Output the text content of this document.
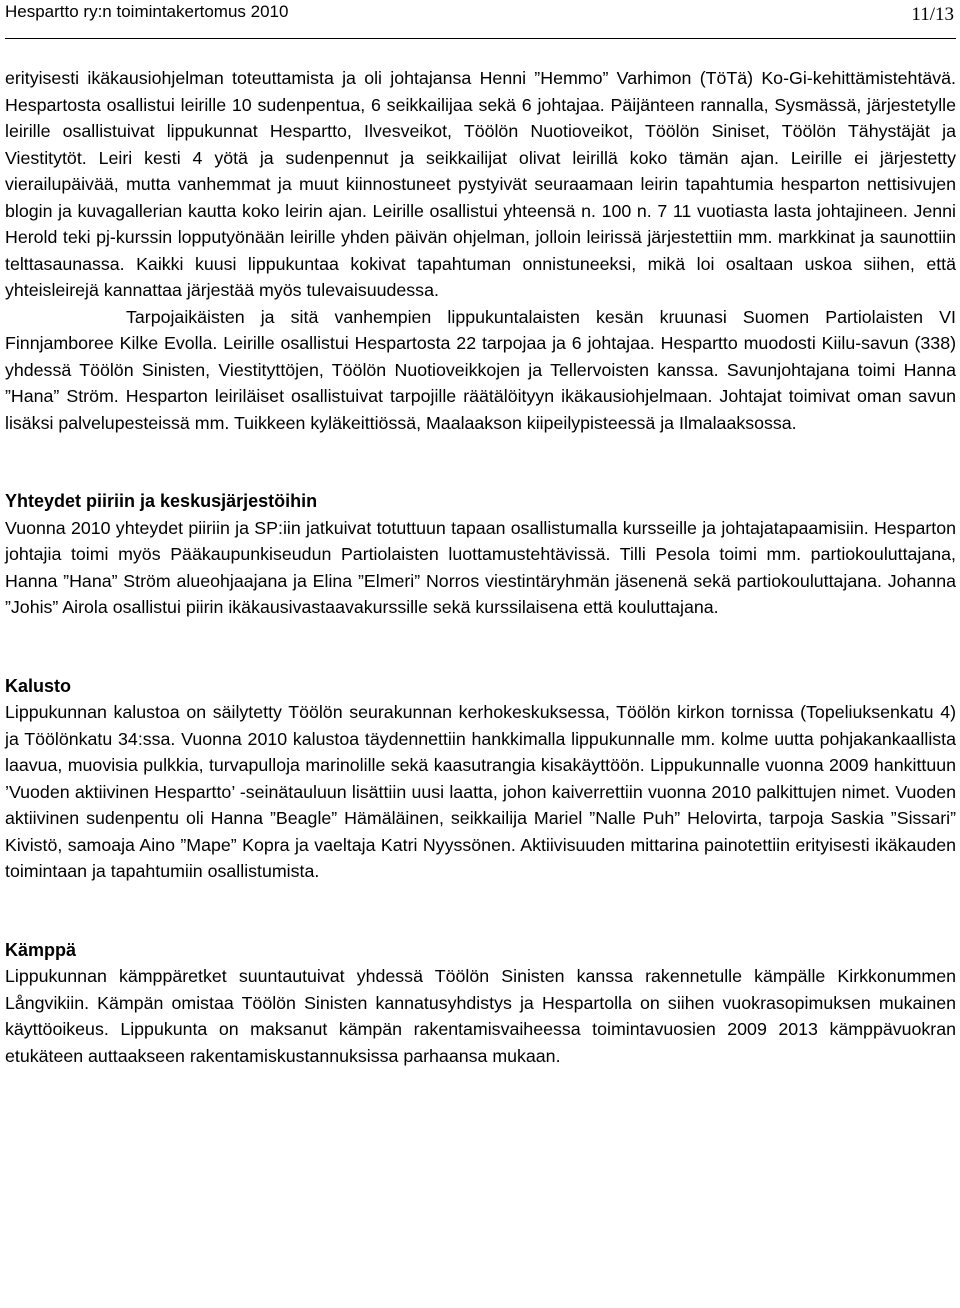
Hespartto ry:n toimintakertomus 2010	11/13

erityisesti ikäkausiohjelman toteuttamista ja oli johtajansa Henni ”Hemmo” Varhimon (TöTä) Ko-Gi-kehittämistehtävä. Hespartosta osallistui leirille 10 sudenpentua, 6 seikkailijaa sekä 6 johtajaa. Päijänteen rannalla, Sysmässä, järjestetylle leirille osallistuivat lippukunnat Hespartto, Ilvesveikot, Töölön Nuotioveikot, Töölön Siniset, Töölön Tähystäjät ja Viestitytöt. Leiri kesti 4 yötä ja sudenpennut ja seikkailijat olivat leirillä koko tämän ajan. Leirille ei järjestetty vierailupäivää, mutta vanhemmat ja muut kiinnostuneet pystyivät seuraamaan leirin tapahtumia hesparton nettisivujen blogin ja kuvagallerian kautta koko leirin ajan. Leirille osallistui yhteensä n. 100 n. 7 11 vuotiasta lasta johtajineen. Jenni Herold teki pj-kurssin lopputyönään leirille yhden päivän ohjelman, jolloin leirissä järjestettiin mm. markkinat ja saunottiin telttasaunassa. Kaikki kuusi lippukuntaa kokivat tapahtuman onnistuneeksi, mikä loi osaltaan uskoa siihen, että yhteisleirejä kannattaa järjestää myös tulevaisuudessa.

Tarpojaikäisten ja sitä vanhempien lippukuntalaisten kesän kruunasi Suomen Partiolaisten VI Finnjamboree Kilke Evolla. Leirille osallistui Hespartosta 22 tarpojaa ja 6 johtajaa. Hespartto muodosti Kiilu-savun (338) yhdessä Töölön Sinisten, Viestityttöjen, Töölön Nuotioveikkojen ja Tellervoisten kanssa. Savunjohtajana toimi Hanna ”Hana” Ström. Hesparton leiriläiset osallistuivat tarpojille räätälöityyn ikäkausiohjelmaan. Johtajat toimivat oman savun lisäksi palvelupesteissä mm. Tuikkeen kyläkeittiössä, Maalaakson kiipeilypisteessä ja Ilmalaaksossa.

Yhteydet piiriin ja keskusjärjestöihin

Vuonna 2010 yhteydet piiriin ja SP:iin jatkuivat totuttuun tapaan osallistumalla kursseille ja johtajatapaamisiin. Hesparton johtajia toimi myös Pääkaupunkiseudun Partiolaisten luottamustehtävissä. Tilli Pesola toimi mm. partiokouluttajana, Hanna ”Hana” Ström alueohjaajana ja Elina ”Elmeri” Norros viestintäryhmän jäsenenä sekä partiokouluttajana. Johanna ”Johis” Airola osallistui piirin ikäkausivastaavakurssille sekä kurssilaisena että kouluttajana.

Kalusto

Lippukunnan kalustoa on säilytetty Töölön seurakunnan kerhokeskuksessa, Töölön kirkon tornissa (Topeliuksenkatu 4) ja Töölönkatu 34:ssa. Vuonna 2010 kalustoa täydennettiin hankkimalla lippukunnalle mm. kolme uutta pohjakankaallista laavua, muovisia pulkkia, turvapulloja marinolille sekä kaasutrangia kisakäyttöön. Lippukunnalle vuonna 2009 hankittuun ’Vuoden aktiivinen Hespartto’ -seinätauluun lisättiin uusi laatta, johon kaiverrettiin vuonna 2010 palkittujen nimet. Vuoden aktiivinen sudenpentu oli Hanna ”Beagle” Hämäläinen, seikkailija Mariel ”Nalle Puh” Helovirta, tarpoja Saskia ”Sissari” Kivistö, samoaja Aino ”Mape” Kopra ja vaeltaja Katri Nyyssönen. Aktiivisuuden mittarina painotettiin erityisesti ikäkauden toimintaan ja tapahtumiin osallistumista.

Kämppä

Lippukunnan kämppäretket suuntautuivat yhdessä Töölön Sinisten kanssa rakennetulle kämpälle Kirkkonummen Långvikiin. Kämpän omistaa Töölön Sinisten kannatusyhdistys ja Hespartolla on siihen vuokrasopimuksen mukainen käyttöoikeus. Lippukunta on maksanut kämpän rakentamisvaiheessa toimintavuosien 2009 2013 kämppävuokran etukäteen auttaakseen rakentamiskustannuksissa parhaansa mukaan.
